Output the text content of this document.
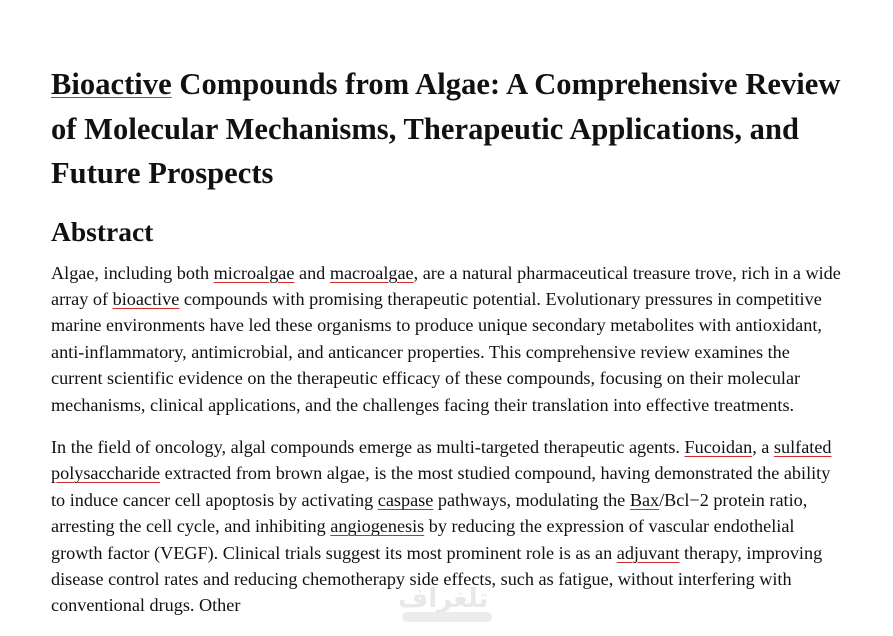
Bioactive Compounds from Algae: A Comprehensive Review of Molecular Mechanisms, Therapeutic Applications, and Future Prospects
Abstract

Algae, including both microalgae and macroalgae, are a natural pharmaceutical treasure trove, rich in a wide array of bioactive compounds with promising therapeutic potential. Evolutionary pressures in competitive marine environments have led these organisms to produce unique secondary metabolites with antioxidant, anti-inflammatory, antimicrobial, and anticancer properties. This comprehensive review examines the current scientific evidence on the therapeutic efficacy of these compounds, focusing on their molecular mechanisms, clinical applications, and the challenges facing their translation into effective treatments.

In the field of oncology, algal compounds emerge as multi-targeted therapeutic agents. Fucoidan, a sulfated polysaccharide extracted from brown algae, is the most studied compound, having demonstrated the ability to induce cancer cell apoptosis by activating caspase pathways, modulating the Bax/Bcl−2 protein ratio, arresting the cell cycle, and inhibiting angiogenesis by reducing the expression of vascular endothelial growth factor (VEGF). Clinical trials suggest its most prominent role is as an adjuvant therapy, improving disease control rates and reducing chemotherapy side effects, such as fatigue, without interfering with conventional drugs. Other	ﺗﻠﻐﺮﺍﻑ
